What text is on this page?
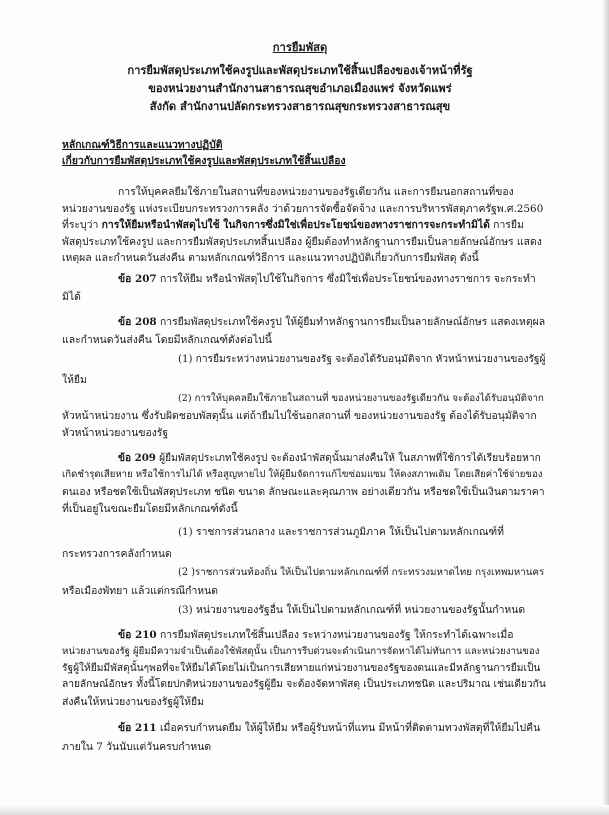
การยืมพัสดุ
การยืมพัสดุประเภทใช้คงรูปและพัสดุประเภทใช้สิ้นเปลืองของเจ้าหน้าที่รัฐ
ของหน่วยงานสำนักงานสาธารณสุขอำเภอเมืองแพร่ จังหวัดแพร่
สังกัด สำนักงานปลัดกระทรวงสาธารณสุขกระทรวงสาธารณสุข
หลักเกณฑ์วิธีการและแนวทางปฏิบัติ
เกี่ยวกับการยืมพัสดุประเภทใช้คงรูปและพัสดุประเภทใช้สิ้นเปลือง
การให้บุคคลยืมใช้ภายในสถานที่ของหน่วยงานของรัฐเดียวกัน และการยืมนอกสถานที่ของ
หน่วยงานของรัฐ แห่งระเบียบกระทรวงการคลัง ว่าด้วยการจัดซื้อจัดจ้าง และการบริหารพัสดุภาครัฐพ.ศ.2560
ที่ระบุว่า การให้ยืมหรือนำพัสดุไปใช้ ในกิจการซึ่งมิใช่เพื่อประโยชน์ของทางราชการจะกระทำมิได้ การยืม
พัสดุประเภทใช้คงรูป และการยืมพัสดุประเภทสิ้นเปลือง ผู้ยืมต้องทำหลักฐานการยืมเป็นลายลักษณ์อักษร แสดง
เหตุผล และกำหนดวันส่งคืน ตามหลักเกณฑ์วิธีการ และแนวทางปฏิบัติเกี่ยวกับการยืมพัสดุ ดังนี้
ข้อ 207 การให้ยืม หรือนำพัสดุไปใช้ในกิจการ ซึ่งมิใช่เพื่อประโยชน์ของทางราชการ จะกระทำ
มิได้
ข้อ 208 การยืมพัสดุประเภทใช้คงรูป ให้ผู้ยืมทำหลักฐานการยืมเป็นลายลักษณ์อักษร แสดงเหตุผล
และกำหนดวันส่งคืน โดยมีหลักเกณฑ์ดังต่อไปนี้
(1) การยืมระหว่างหน่วยงานของรัฐ จะต้องได้รับอนุมัติจาก หัวหน้าหน่วยงานของรัฐผู้
ให้ยืม
(2) การให้บุคคลยืมใช้ภายในสถานที่ ของหน่วยงานของรัฐเดียวกัน จะต้องได้รับอนุมัติจาก
หัวหน้าหน่วยงาน ซึ่งรับผิดชอบพัสดุนั้น แต่ถ้ายืมไปใช้นอกสถานที่ ของหน่วยงานของรัฐ ต้องได้รับอนุมัติจาก
หัวหน้าหน่วยงานของรัฐ
ข้อ 209 ผู้ยืมพัสดุประเภทใช้คงรูป จะต้องนำพัสดุนั้นมาส่งคืนให้ ในสภาพที่ใช้การได้เรียบร้อยหาก
เกิดชำรุดเสียหาย หรือใช้การไม่ได้ หรือสูญหายไป ให้ผู้ยืมจัดการแก้ไขซ่อมแซม ให้คงสภาพเดิม โดยเสียค่าใช้จ่ายของ
ตนเอง หรือชดใช้เป็นพัสดุประเภท ชนิด ขนาด ลักษณะและคุณภาพ อย่างเดียวกัน หรือชดใช้เป็นเงินตามราคา
ที่เป็นอยู่ในขณะยืมโดยมีหลักเกณฑ์ดังนี้
(1) ราชการส่วนกลาง และราชการส่วนภูมิภาค ให้เป็นไปตามหลักเกณฑ์ที่
กระทรวงการคลังกำหนด
(2 )ราชการส่วนท้องถิ่น ให้เป็นไปตามหลักเกณฑ์ที่ กระทรวงมหาดไทย กรุงเทพมหานคร
หรือเมืองพัทยา แล้วแต่กรณีกำหนด
(3) หน่วยงานของรัฐอื่น ให้เป็นไปตามหลักเกณฑ์ที่ หน่วยงานของรัฐนั้นกำหนด
ข้อ 210 การยืมพัสดุประเภทใช้สิ้นเปลือง ระหว่างหน่วยงานของรัฐ ให้กระทำได้เฉพาะเมื่อ
หน่วยงานของรัฐ ผู้ยืมมีความจำเป็นต้องใช้พัสดุนั้น เป็นการรีบด่วนจะดำเนินการจัดหาได้ไม่ทันการ และหน่วยงานของ
รัฐผู้ให้ยืมมีพัสดุนั้นๆพอที่จะให้ยืมได้โดยไม่เป็นการเสียหายแก่หน่วยงานของรัฐของตนและมีหลักฐานการยืมเป็น
ลายลักษณ์อักษร ทั้งนี้โดยปกติหน่วยงานของรัฐผู้ยืม จะต้องจัดหาพัสดุ เป็นประเภทชนิด และปริมาณ เช่นเดียวกัน
ส่งคืนให้หน่วยงานของรัฐผู้ให้ยืม
ข้อ 211 เมื่อครบกำหนดยืม ให้ผู้ให้ยืม หรือผู้รับหน้าที่แทน มีหน้าที่ติดตามทวงพัสดุที่ให้ยืมไปคืน
ภายใน 7 วันนับแต่วันครบกำหนด
